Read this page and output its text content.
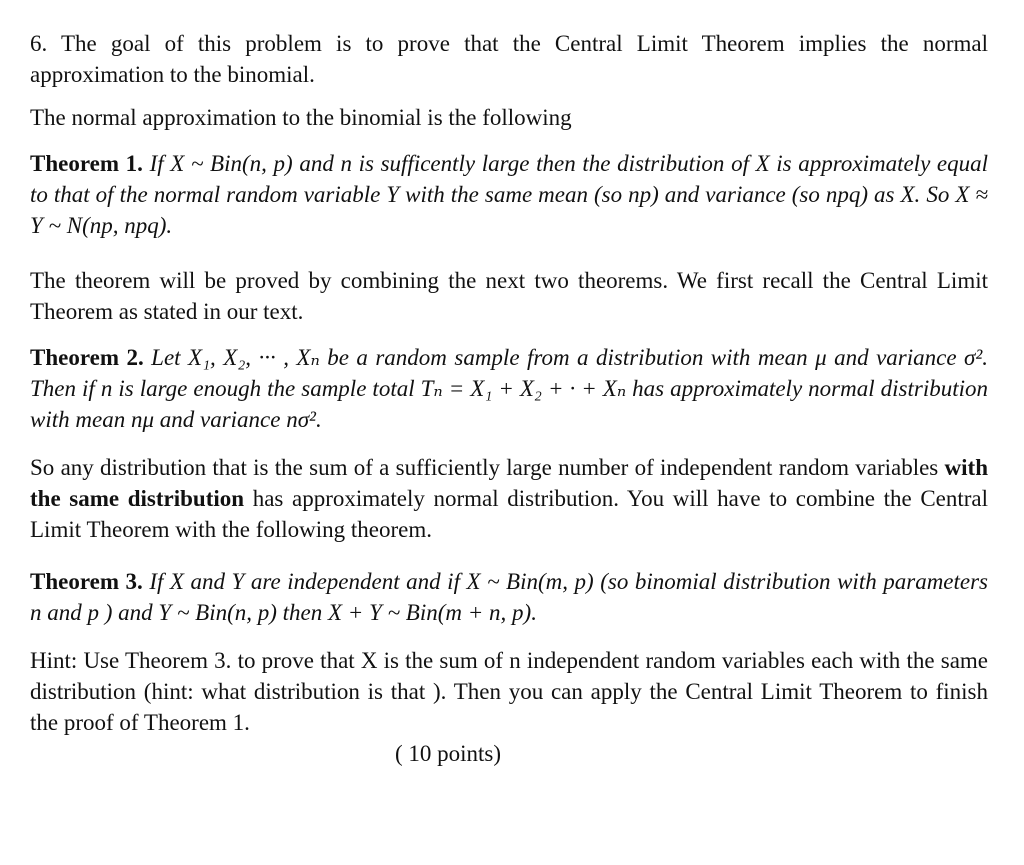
6. The goal of this problem is to prove that the Central Limit Theorem implies the normal approximation to the binomial.

The normal approximation to the binomial is the following

Theorem 1. If X ~ Bin(n, p) and n is sufficently large then the distribution of X is approximately equal to that of the normal random variable Y with the same mean (so np) and variance (so npq) as X. So X ≈ Y ~ N(np, npq).

The theorem will be proved by combining the next two theorems. We first recall the Central Limit Theorem as stated in our text.

Theorem 2. Let X₁, X₂, ··· , Xₙ be a random sample from a distribution with mean μ and variance σ². Then if n is large enough the sample total Tₙ = X₁ + X₂ + · + Xₙ has approximately normal distribution with mean nμ and variance nσ².

So any distribution that is the sum of a sufficiently large number of independent random variables with the same distribution has approximately normal distribution. You will have to combine the Central Limit Theorem with the following theorem.

Theorem 3. If X and Y are independent and if X ~ Bin(m, p) (so binomial distribution with parameters n and p ) and Y ~ Bin(n, p) then X + Y ~ Bin(m + n, p).

Hint: Use Theorem 3. to prove that X is the sum of n independent random variables each with the same distribution (hint: what distribution is that ). Then you can apply the Central Limit Theorem to finish the proof of Theorem 1.

( 10 points)
